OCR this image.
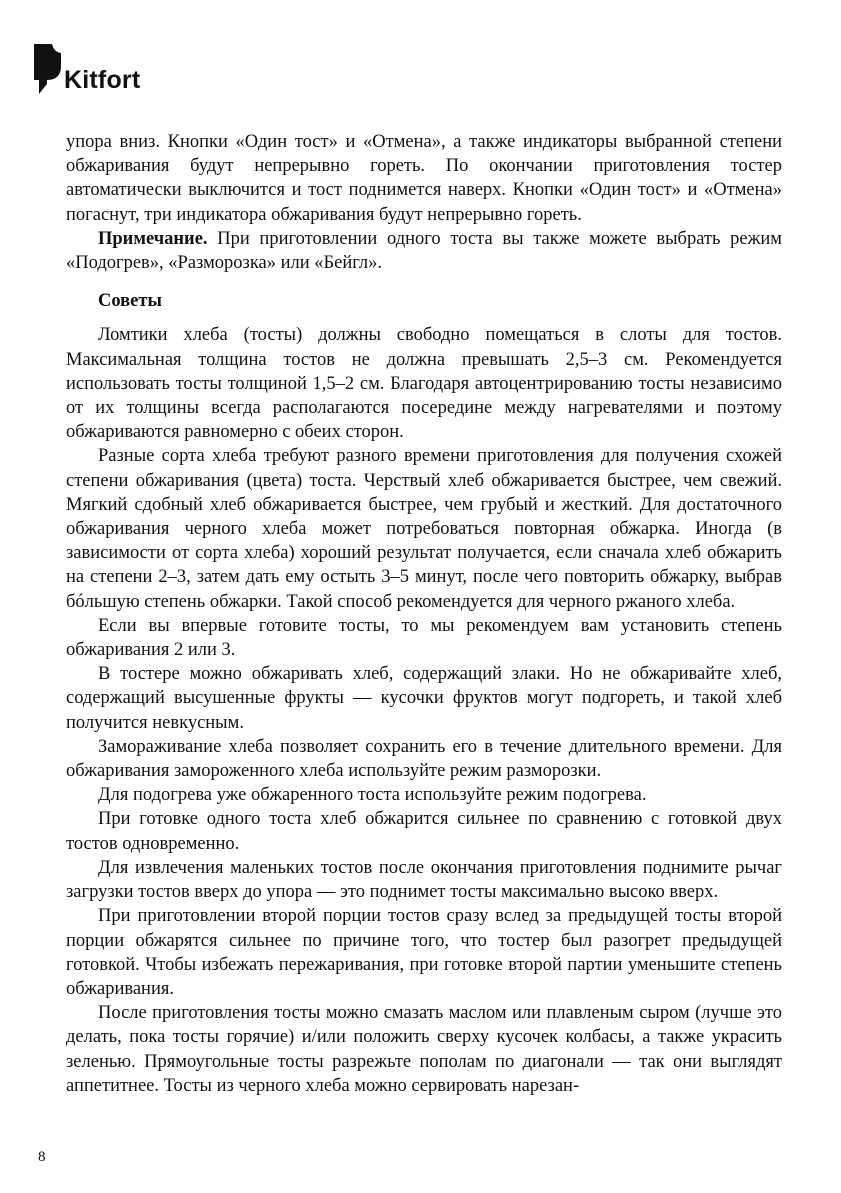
Kitfort

упора вниз. Кнопки «Один тост» и «Отмена», а также индикаторы выбранной степени обжаривания будут непрерывно гореть. По окончании приготовления тостер автоматически выключится и тост поднимется наверх. Кнопки «Один тост» и «Отмена» погаснут, три индикатора обжаривания будут непрерывно гореть.

Примечание. При приготовлении одного тоста вы также можете выбрать режим «Подогрев», «Разморозка» или «Бейгл».

Советы

Ломтики хлеба (тосты) должны свободно помещаться в слоты для тостов. Максимальная толщина тостов не должна превышать 2,5–3 см. Рекомендуется использовать тосты толщиной 1,5–2 см. Благодаря автоцентрированию тосты независимо от их толщины всегда располагаются посередине между нагревателями и поэтому обжариваются равномерно с обеих сторон.

Разные сорта хлеба требуют разного времени приготовления для получения схожей степени обжаривания (цвета) тоста. Черствый хлеб обжаривается быстрее, чем свежий. Мягкий сдобный хлеб обжаривается быстрее, чем грубый и жесткий. Для достаточного обжаривания черного хлеба может потребоваться повторная обжарка. Иногда (в зависимости от сорта хлеба) хороший результат получается, если сначала хлеб обжарить на степени 2–3, затем дать ему остыть 3–5 минут, после чего повторить обжарку, выбрав бóльшую степень обжарки. Такой способ рекомендуется для черного ржаного хлеба.

Если вы впервые готовите тосты, то мы рекомендуем вам установить степень обжаривания 2 или 3.

В тостере можно обжаривать хлеб, содержащий злаки. Но не обжаривайте хлеб, содержащий высушенные фрукты — кусочки фруктов могут подгореть, и такой хлеб получится невкусным.

Замораживание хлеба позволяет сохранить его в течение длительного времени. Для обжаривания замороженного хлеба используйте режим разморозки.

Для подогрева уже обжаренного тоста используйте режим подогрева.

При готовке одного тоста хлеб обжарится сильнее по сравнению с готовкой двух тостов одновременно.

Для извлечения маленьких тостов после окончания приготовления поднимите рычаг загрузки тостов вверх до упора — это поднимет тосты максимально высоко вверх.

При приготовлении второй порции тостов сразу вслед за предыдущей тосты второй порции обжарятся сильнее по причине того, что тостер был разогрет предыдущей готовкой. Чтобы избежать пережаривания, при готовке второй партии уменьшите степень обжаривания.

После приготовления тосты можно смазать маслом или плавленым сыром (лучше это делать, пока тосты горячие) и/или положить сверху кусочек колбасы, а также украсить зеленью. Прямоугольные тосты разрежьте пополам по диагонали — так они выглядят аппетитнее. Тосты из черного хлеба можно сервировать нарезан-

8
